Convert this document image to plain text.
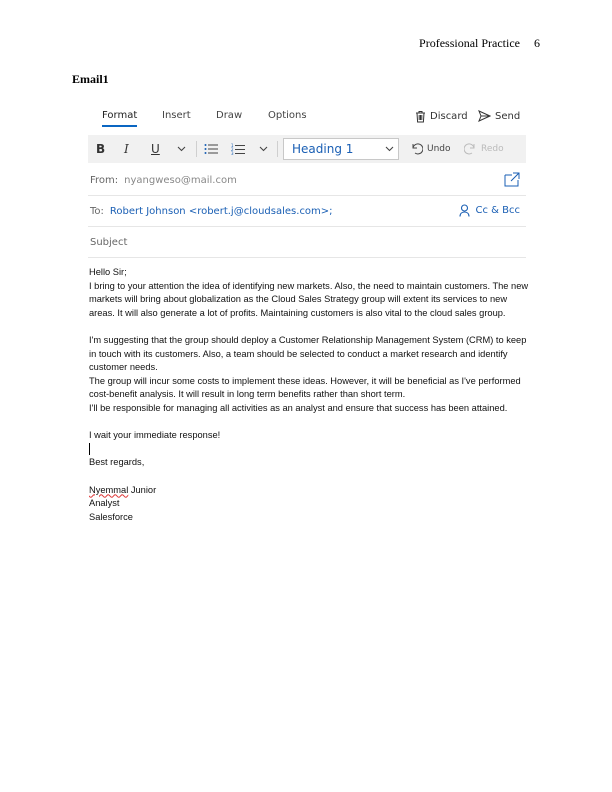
Professional Practice 6
Email1
Format Insert	Draw	Options	Discard	Send
B I U	1
2
3	Heading 1	Undo	Redo
From: nyangweso@mail.com
To: Robert Johnson <robert.j@cloudsales.com>;	Cc & Bcc
Subject

Hello Sir;

I bring to your attention the idea of identifying new markets. Also, the need to maintain customers. The new markets will bring about globalization as the Cloud Sales Strategy group will extent its services to new areas. It will also generate a lot of profits. Maintaining customers is also vital to the cloud sales group.

I'm suggesting that the group should deploy a Customer Relationship Management System (CRM) to keep in touch with its customers. Also, a team should be selected to conduct a market research and identify customer needs.

The group will incur some costs to implement these ideas. However, it will be beneficial as I've performed cost-benefit analysis. It will result in long term benefits rather than short term.

I'll be responsible for managing all activities as an analyst and ensure that success has been attained.

I wait your immediate response!

Best regards,

Nyemmal Junior

Analyst

Salesforce
